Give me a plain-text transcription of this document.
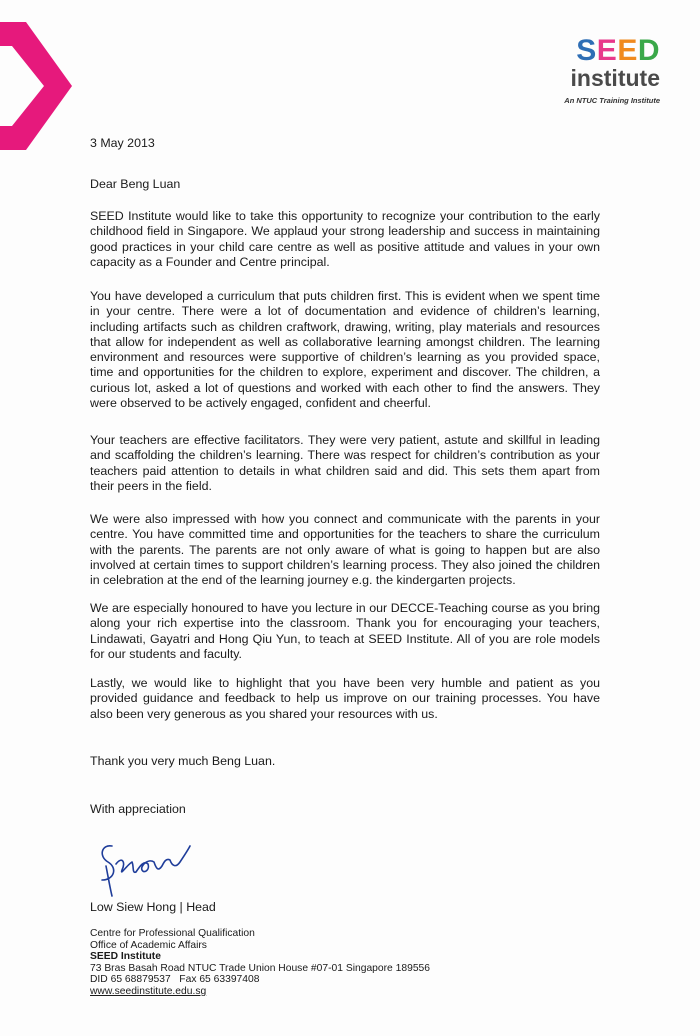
SEED
institute
An NTUC Training Institute

3 May 2013

Dear Beng Luan

SEED Institute would like to take this opportunity to recognize your contribution to the early childhood field in Singapore. We applaud your strong leadership and success in maintaining good practices in your child care centre as well as positive attitude and values in your own capacity as a Founder and Centre principal.

You have developed a curriculum that puts children first. This is evident when we spent time in your centre. There were a lot of documentation and evidence of children’s learning, including artifacts such as children craftwork, drawing, writing, play materials and resources that allow for independent as well as collaborative learning amongst children. The learning environment and resources were supportive of children’s learning as you provided space, time and opportunities for the children to explore, experiment and discover. The children, a curious lot, asked a lot of questions and worked with each other to find the answers. They were observed to be actively engaged, confident and cheerful.

Your teachers are effective facilitators. They were very patient, astute and skillful in leading and scaffolding the children’s learning. There was respect for children’s contribution as your teachers paid attention to details in what children said and did. This sets them apart from their peers in the field.

We were also impressed with how you connect and communicate with the parents in your centre. You have committed time and opportunities for the teachers to share the curriculum with the parents. The parents are not only aware of what is going to happen but are also involved at certain times to support children’s learning process. They also joined the children in celebration at the end of the learning journey e.g. the kindergarten projects.

We are especially honoured to have you lecture in our DECCE-Teaching course as you bring along your rich expertise into the classroom. Thank you for encouraging your teachers, Lindawati, Gayatri and Hong Qiu Yun, to teach at SEED Institute. All of you are role models for our students and faculty.

Lastly, we would like to highlight that you have been very humble and patient as you provided guidance and feedback to help us improve on our training processes. You have also been very generous as you shared your resources with us.

Thank you very much Beng Luan.

With appreciation

Low Siew Hong | Head

Centre for Professional Qualification
Office of Academic Affairs
SEED Institute
73 Bras Basah Road NTUC Trade Union House #07-01 Singapore 189556
DID 65 68879537   Fax 65 63397408
www.seedinstitute.edu.sg
